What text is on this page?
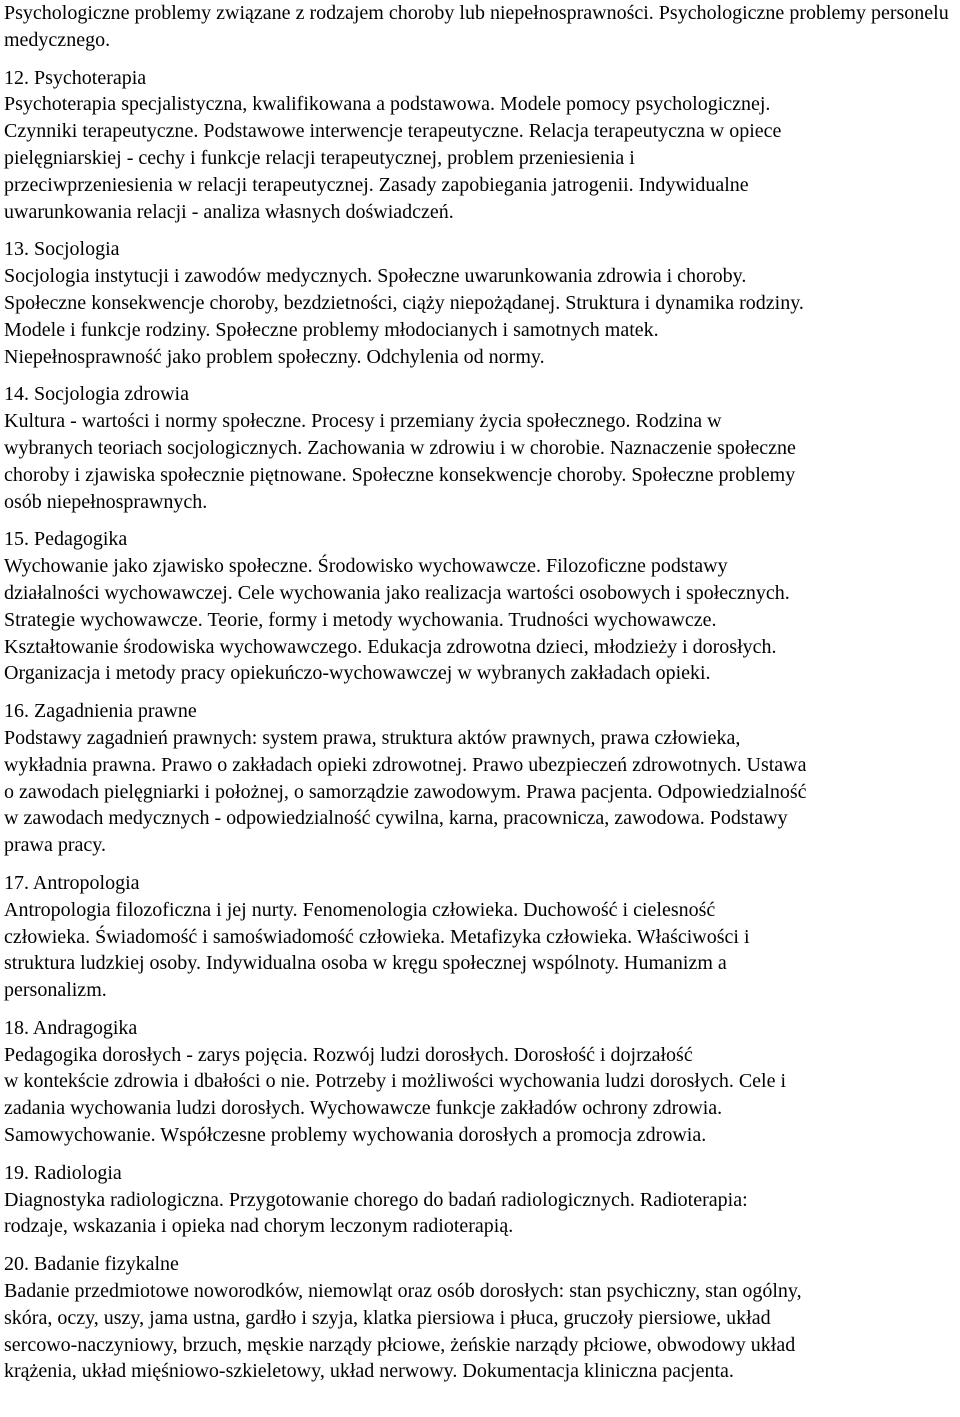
Psychologiczne problemy związane z rodzajem choroby lub niepełnosprawności. Psychologiczne problemy personelu medycznego.

12. Psychoterapia

Psychoterapia specjalistyczna, kwalifikowana a podstawowa. Modele pomocy psychologicznej.
Czynniki terapeutyczne. Podstawowe interwencje terapeutyczne. Relacja terapeutyczna w opiece
pielęgniarskiej - cechy i funkcje relacji terapeutycznej, problem przeniesienia i
przeciwprzeniesienia w relacji terapeutycznej. Zasady zapobiegania jatrogenii. Indywidualne
uwarunkowania relacji - analiza własnych doświadczeń.

13. Socjologia

Socjologia instytucji i zawodów medycznych. Społeczne uwarunkowania zdrowia i choroby.
Społeczne konsekwencje choroby, bezdzietności, ciąży niepożądanej. Struktura i dynamika rodziny.
Modele i funkcje rodziny. Społeczne problemy młodocianych i samotnych matek.
Niepełnosprawność jako problem społeczny. Odchylenia od normy.

14. Socjologia zdrowia

Kultura - wartości i normy społeczne. Procesy i przemiany życia społecznego. Rodzina w
wybranych teoriach socjologicznych. Zachowania w zdrowiu i w chorobie. Naznaczenie społeczne
choroby i zjawiska społecznie piętnowane. Społeczne konsekwencje choroby. Społeczne problemy
osób niepełnosprawnych.

15. Pedagogika

Wychowanie jako zjawisko społeczne. Środowisko wychowawcze. Filozoficzne podstawy
działalności wychowawczej. Cele wychowania jako realizacja wartości osobowych i społecznych.
Strategie wychowawcze. Teorie, formy i metody wychowania. Trudności wychowawcze.
Kształtowanie środowiska wychowawczego. Edukacja zdrowotna dzieci, młodzieży i dorosłych.
Organizacja i metody pracy opiekuńczo-wychowawczej w wybranych zakładach opieki.

16. Zagadnienia prawne

Podstawy zagadnień prawnych: system prawa, struktura aktów prawnych, prawa człowieka,
wykładnia prawna. Prawo o zakładach opieki zdrowotnej. Prawo ubezpieczeń zdrowotnych. Ustawa
o zawodach pielęgniarki i położnej, o samorządzie zawodowym. Prawa pacjenta. Odpowiedzialność
w zawodach medycznych - odpowiedzialność cywilna, karna, pracownicza, zawodowa. Podstawy
prawa pracy.

17. Antropologia

Antropologia filozoficzna i jej nurty. Fenomenologia człowieka. Duchowość i cielesność
człowieka. Świadomość i samoświadomość człowieka. Metafizyka człowieka. Właściwości i
struktura ludzkiej osoby. Indywidualna osoba w kręgu społecznej wspólnoty. Humanizm a
personalizm.

18. Andragogika

Pedagogika dorosłych - zarys pojęcia. Rozwój ludzi dorosłych. Dorosłość i dojrzałość
w kontekście zdrowia i dbałości o nie. Potrzeby i możliwości wychowania ludzi dorosłych. Cele i
zadania wychowania ludzi dorosłych. Wychowawcze funkcje zakładów ochrony zdrowia.
Samowychowanie. Współczesne problemy wychowania dorosłych a promocja zdrowia.

19. Radiologia

Diagnostyka radiologiczna. Przygotowanie chorego do badań radiologicznych. Radioterapia:
rodzaje, wskazania i opieka nad chorym leczonym radioterapią.

20. Badanie fizykalne

Badanie przedmiotowe noworodków, niemowląt oraz osób dorosłych: stan psychiczny, stan ogólny,
skóra, oczy, uszy, jama ustna, gardło i szyja, klatka piersiowa i płuca, gruczoły piersiowe, układ
sercowo-naczyniowy, brzuch, męskie narządy płciowe, żeńskie narządy płciowe, obwodowy układ
krążenia, układ mięśniowo-szkieletowy, układ nerwowy. Dokumentacja kliniczna pacjenta.
